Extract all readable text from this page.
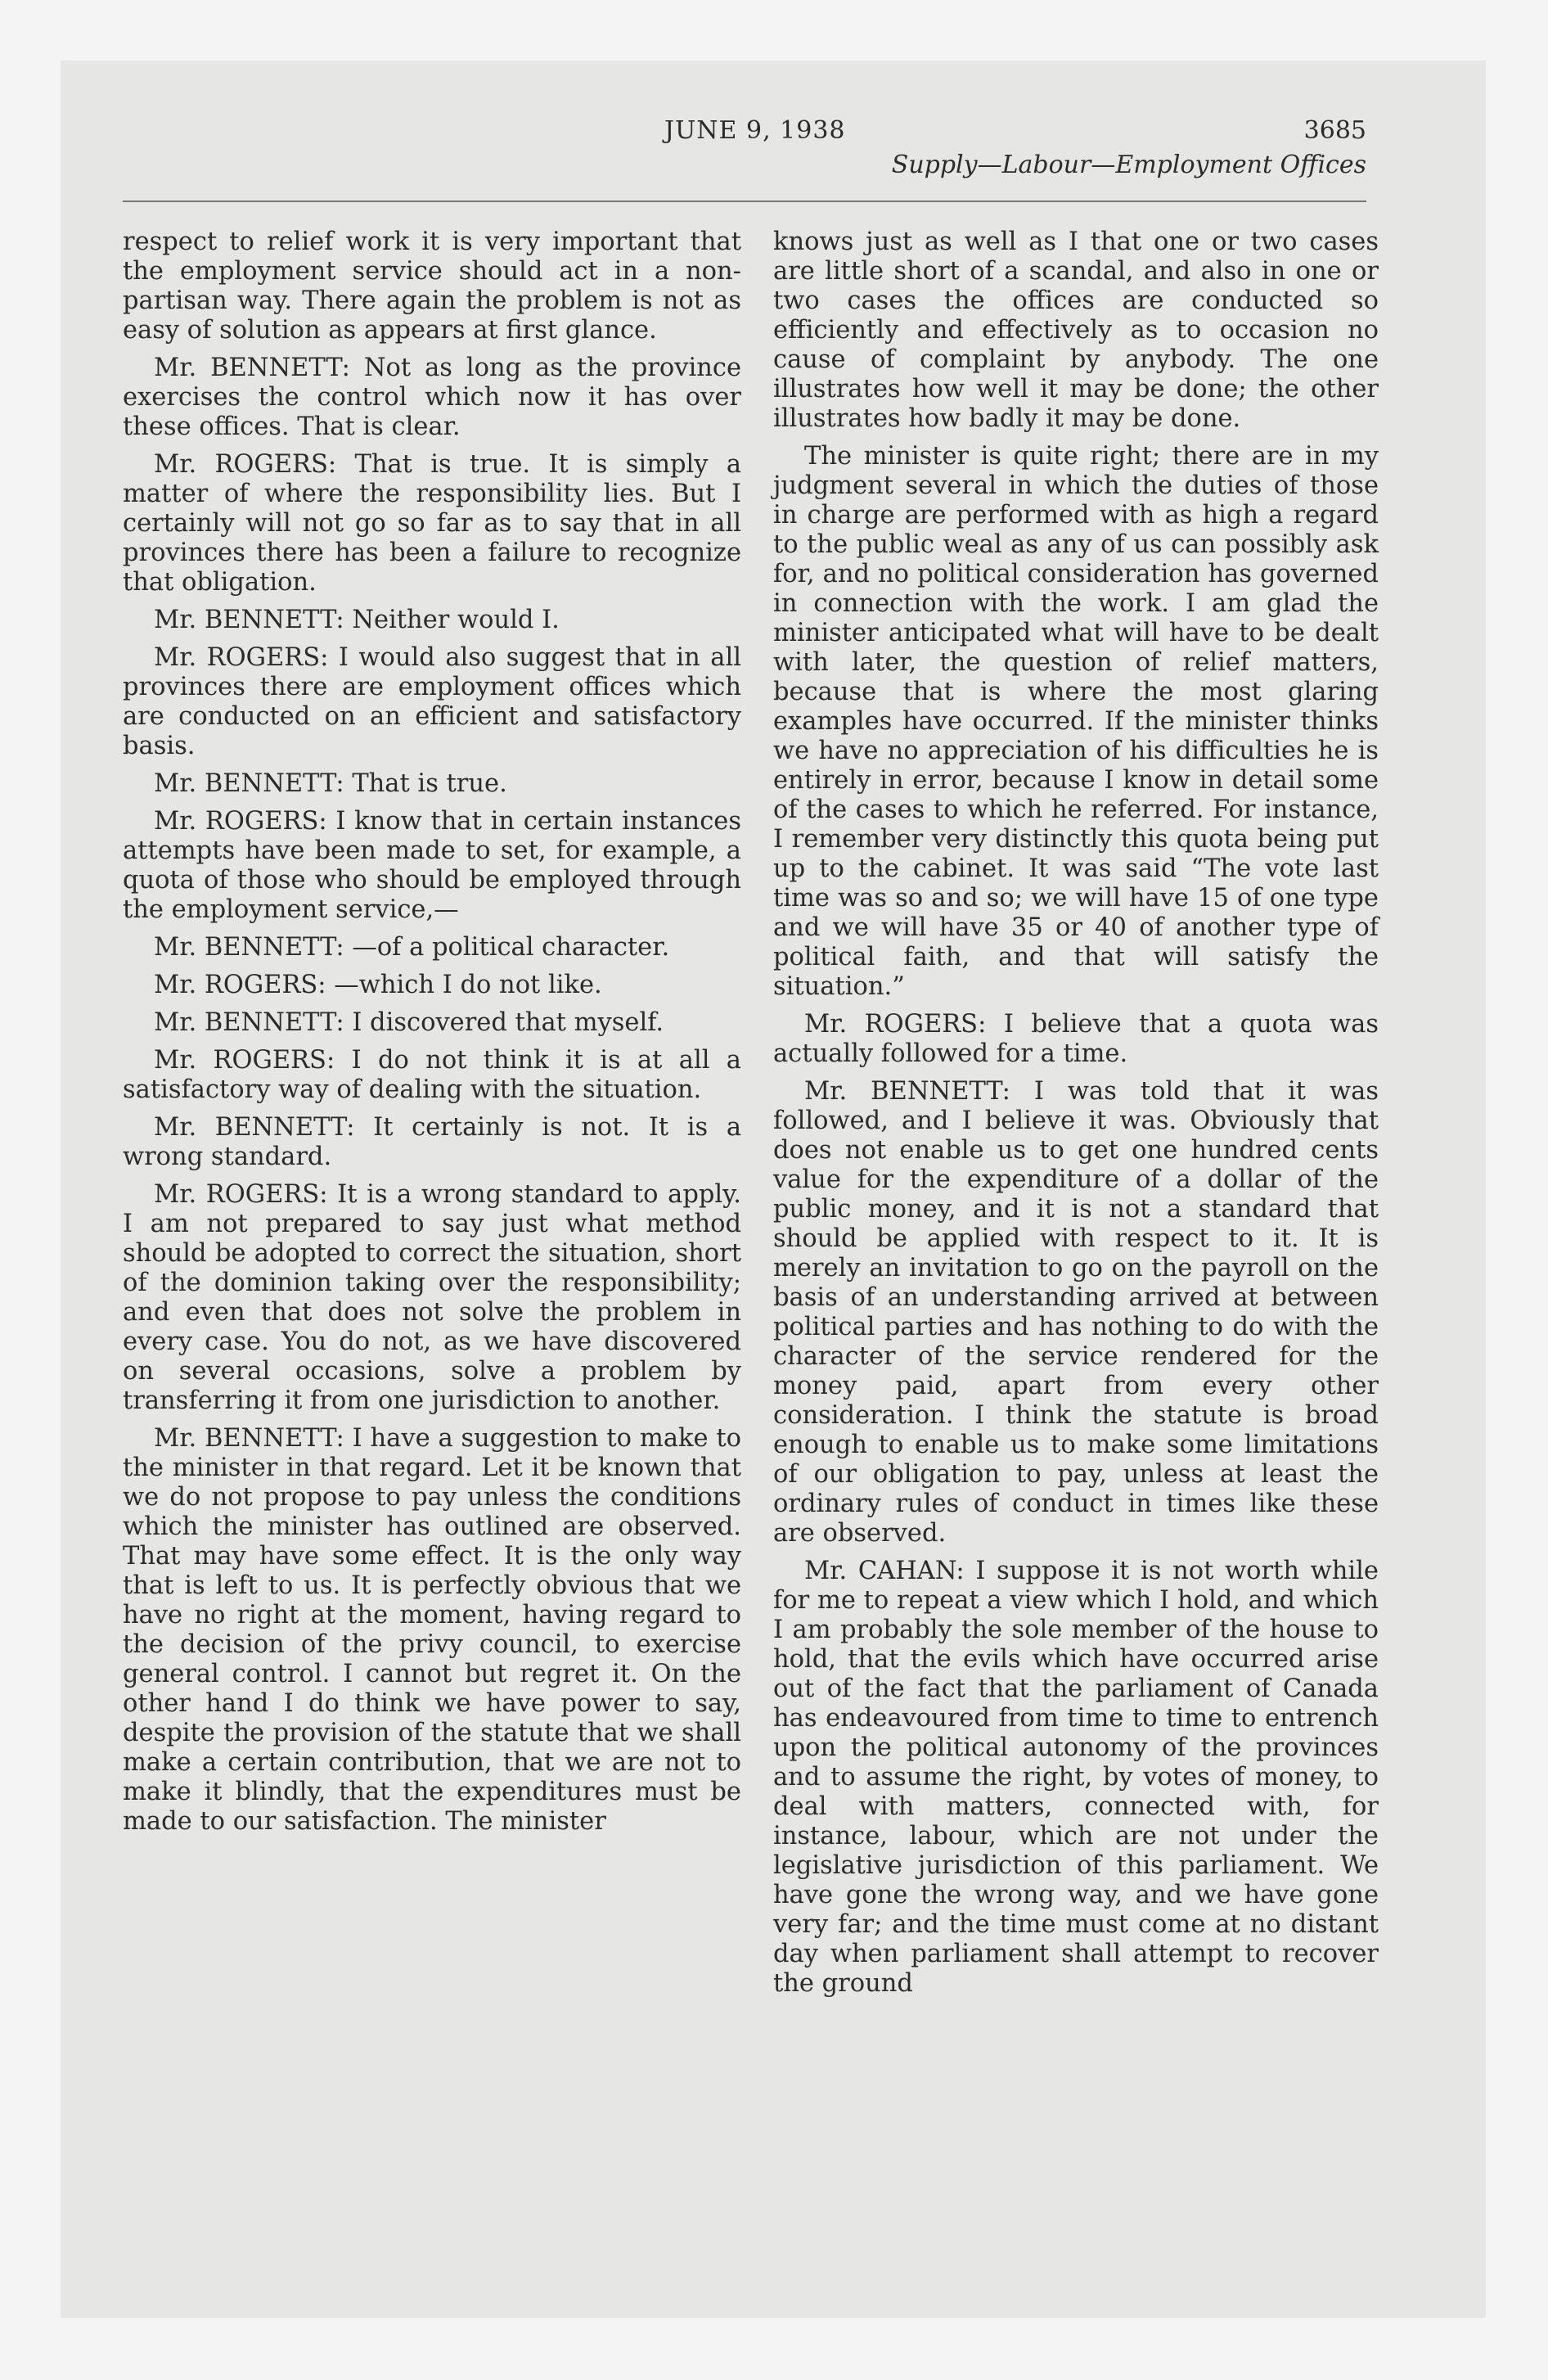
JUNE 9, 1938	3685
Supply—Labour—Employment Offices

respect to relief work it is very important that the employment service should act in a non-partisan way. There again the problem is not as easy of solution as appears at first glance.

Mr. BENNETT: Not as long as the province exercises the control which now it has over these offices. That is clear.

Mr. ROGERS: That is true. It is simply a matter of where the responsibility lies. But I certainly will not go so far as to say that in all provinces there has been a failure to recognize that obligation.

Mr. BENNETT: Neither would I.

Mr. ROGERS: I would also suggest that in all provinces there are employment offices which are conducted on an efficient and satisfactory basis.

Mr. BENNETT: That is true.

Mr. ROGERS: I know that in certain instances attempts have been made to set, for example, a quota of those who should be employed through the employment service,—

Mr. BENNETT: —of a political character.

Mr. ROGERS: —which I do not like.

Mr. BENNETT: I discovered that myself.

Mr. ROGERS: I do not think it is at all a satisfactory way of dealing with the situation.

Mr. BENNETT: It certainly is not. It is a wrong standard.

Mr. ROGERS: It is a wrong standard to apply. I am not prepared to say just what method should be adopted to correct the situation, short of the dominion taking over the responsibility; and even that does not solve the problem in every case. You do not, as we have discovered on several occasions, solve a problem by transferring it from one jurisdiction to another.

Mr. BENNETT: I have a suggestion to make to the minister in that regard. Let it be known that we do not propose to pay unless the conditions which the minister has outlined are observed. That may have some effect. It is the only way that is left to us. It is perfectly obvious that we have no right at the moment, having regard to the decision of the privy council, to exercise general control. I cannot but regret it. On the other hand I do think we have power to say, despite the provision of the statute that we shall make a certain contribution, that we are not to make it blindly, that the expenditures must be made to our satisfaction. The minister

knows just as well as I that one or two cases are little short of a scandal, and also in one or two cases the offices are conducted so efficiently and effectively as to occasion no cause of complaint by anybody. The one illustrates how well it may be done; the other illustrates how badly it may be done.

The minister is quite right; there are in my judgment several in which the duties of those in charge are performed with as high a regard to the public weal as any of us can possibly ask for, and no political consideration has governed in connection with the work. I am glad the minister anticipated what will have to be dealt with later, the question of relief matters, because that is where the most glaring examples have occurred. If the minister thinks we have no appreciation of his difficulties he is entirely in error, because I know in detail some of the cases to which he referred. For instance, I remember very distinctly this quota being put up to the cabinet. It was said “The vote last time was so and so; we will have 15 of one type and we will have 35 or 40 of another type of political faith, and that will satisfy the situation.”

Mr. ROGERS: I believe that a quota was actually followed for a time.

Mr. BENNETT: I was told that it was followed, and I believe it was. Obviously that does not enable us to get one hundred cents value for the expenditure of a dollar of the public money, and it is not a standard that should be applied with respect to it. It is merely an invitation to go on the payroll on the basis of an understanding arrived at between political parties and has nothing to do with the character of the service rendered for the money paid, apart from every other consideration. I think the statute is broad enough to enable us to make some limitations of our obligation to pay, unless at least the ordinary rules of conduct in times like these are observed.

Mr. CAHAN: I suppose it is not worth while for me to repeat a view which I hold, and which I am probably the sole member of the house to hold, that the evils which have occurred arise out of the fact that the parliament of Canada has endeavoured from time to time to entrench upon the political autonomy of the provinces and to assume the right, by votes of money, to deal with matters, connected with, for instance, labour, which are not under the legislative jurisdiction of this parliament. We have gone the wrong way, and we have gone very far; and the time must come at no distant day when parliament shall attempt to recover the ground
